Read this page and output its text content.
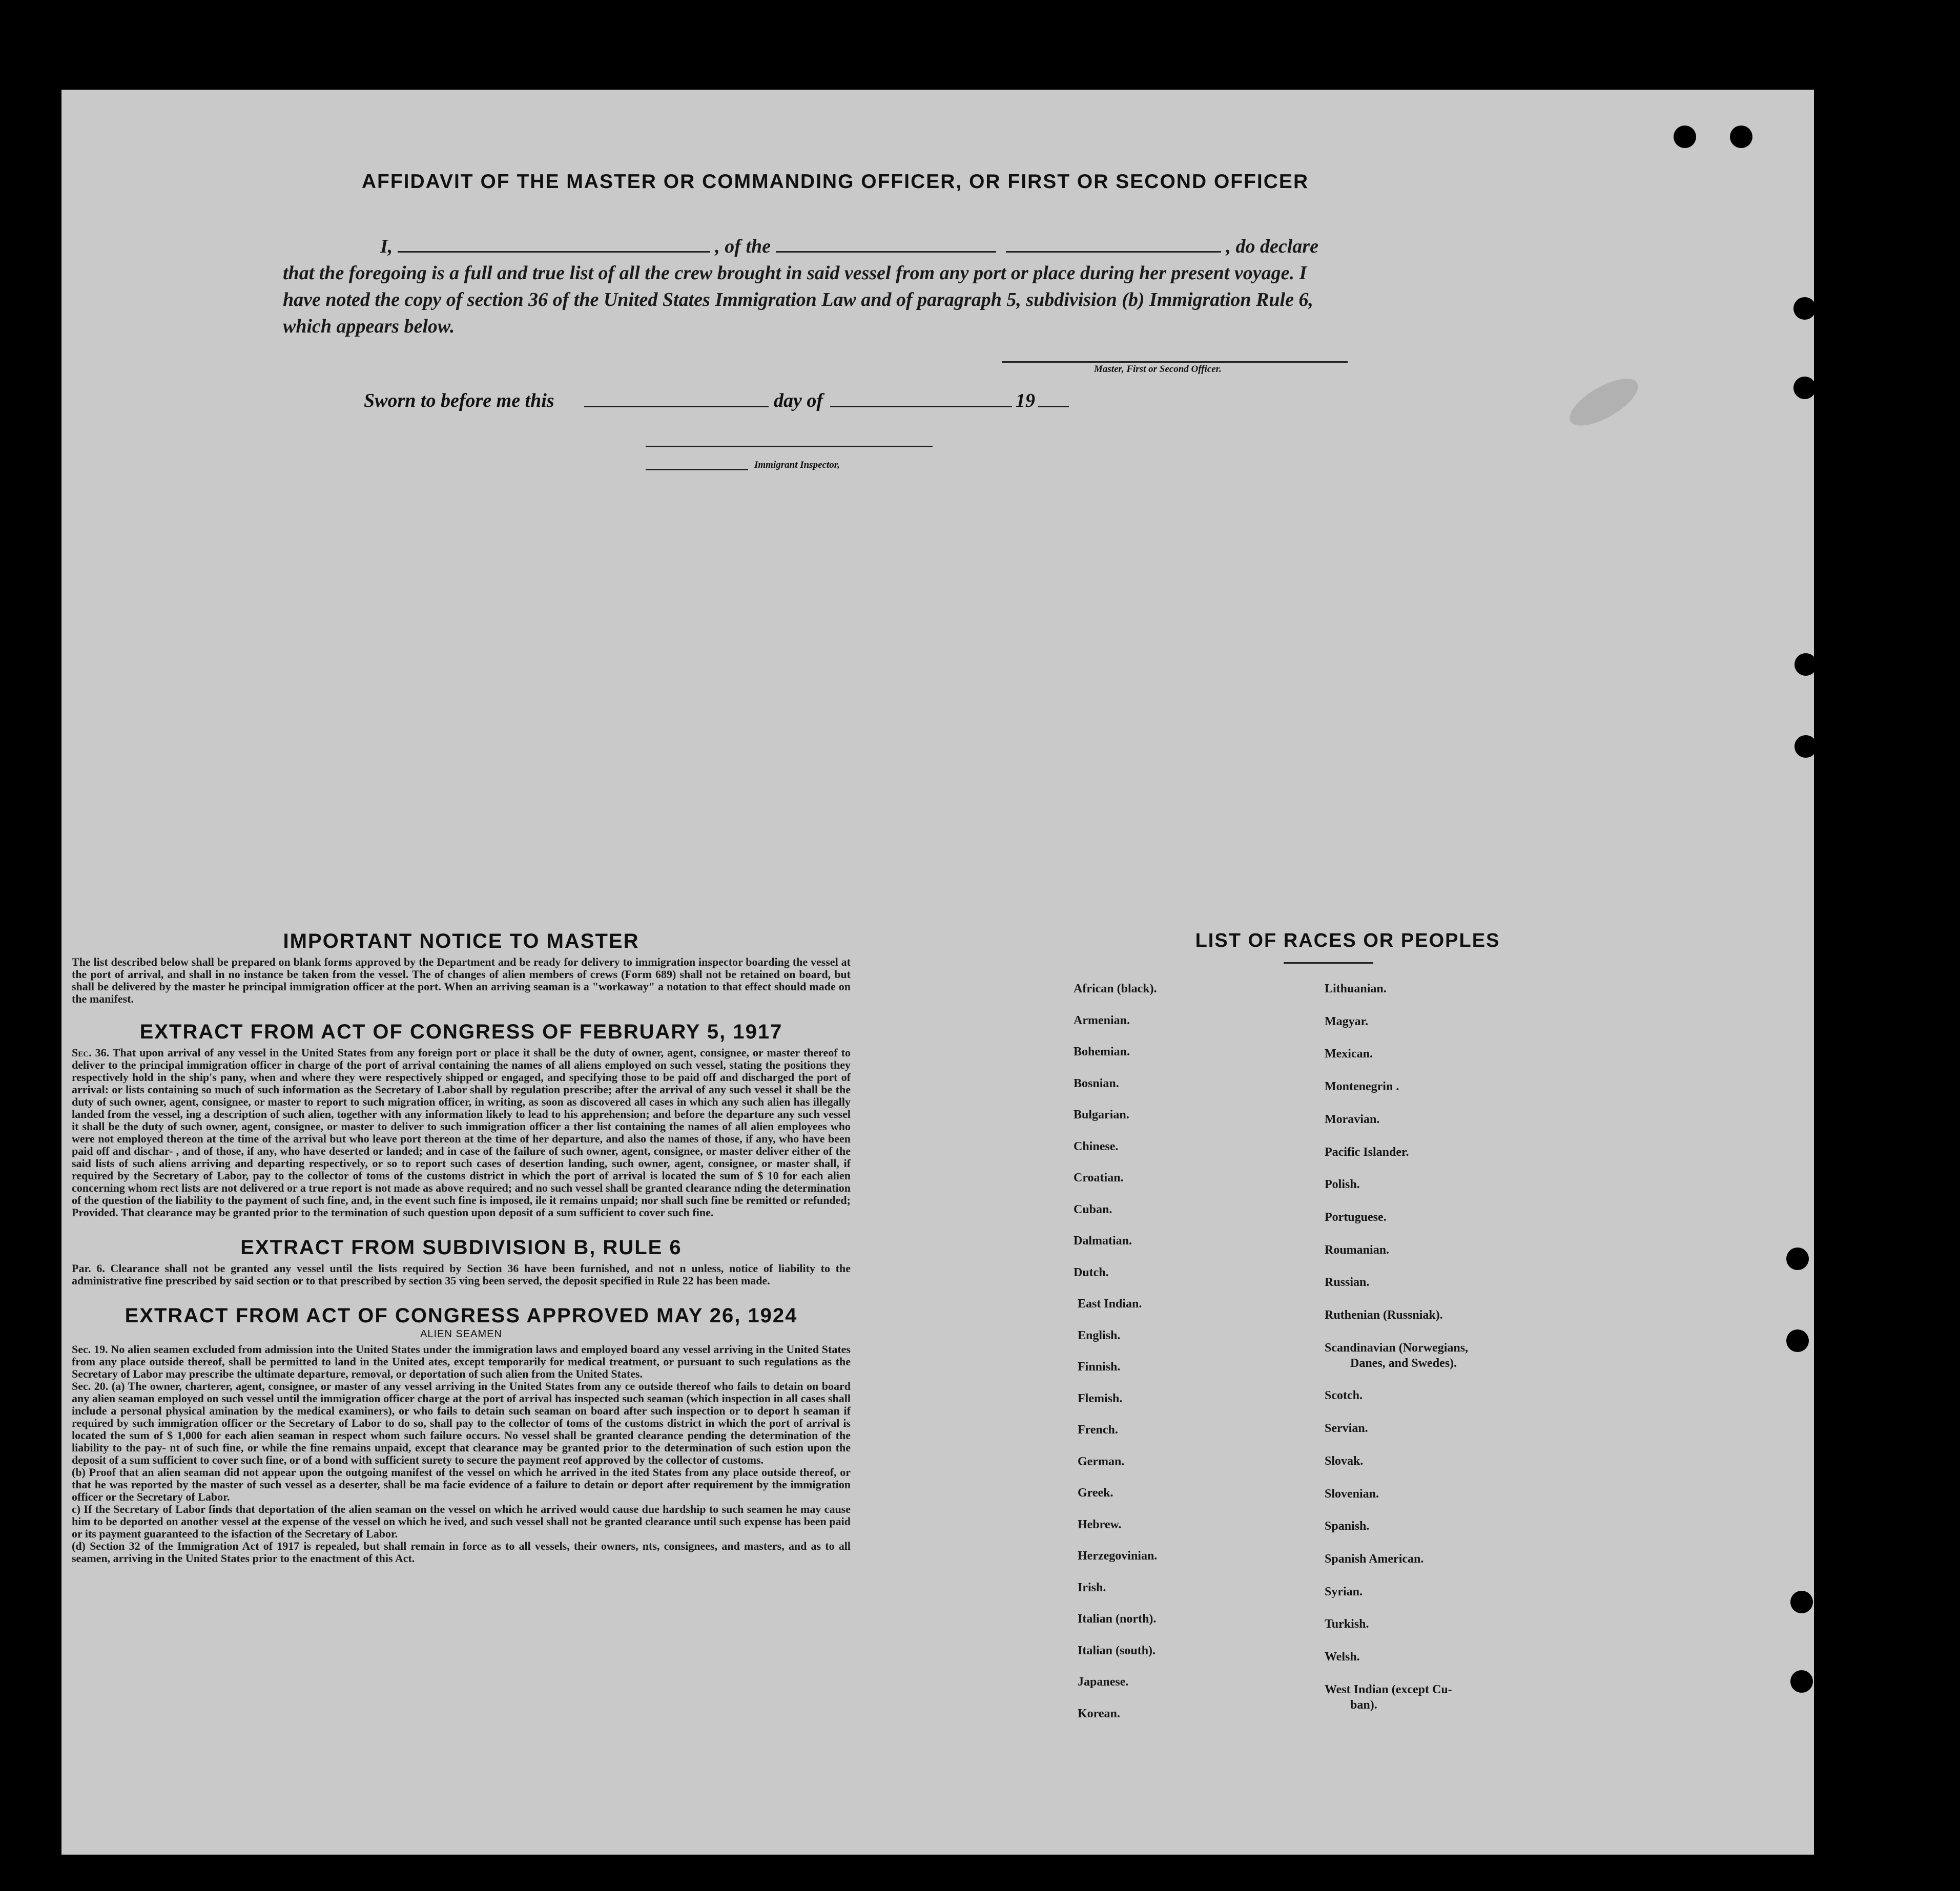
AFFIDAVIT OF THE MASTER OR COMMANDING OFFICER, OR FIRST OR SECOND OFFICER
I,	, of the	, do declare
that the foregoing is a full and true list of all the crew brought in said vessel from any port or place during her present voyage. I have noted the copy of section 36 of the United States Immigration Law and of paragraph 5, subdivision (b) Immigration Rule 6, which appears below.
Master, First or Second Officer.
Sworn to before me this	day of	19
Immigrant Inspector,
IMPORTANT NOTICE TO MASTER

The list described below shall be prepared on blank forms approved by the Department and be ready for delivery to immigration inspector boarding the vessel at the port of arrival, and shall in no instance be taken from the vessel. The of changes of alien members of crews (Form 689) shall not be retained on board, but shall be delivered by the master he principal immigration officer at the port. When an arriving seaman is a "workaway" a notation to that effect should made on the manifest.

EXTRACT FROM ACT OF CONGRESS OF FEBRUARY 5, 1917

Sec. 36. That upon arrival of any vessel in the United States from any foreign port or place it shall be the duty of owner, agent, consignee, or master thereof to deliver to the principal immigration officer in charge of the port of arrival containing the names of all aliens employed on such vessel, stating the positions they respectively hold in the ship's pany, when and where they were respectively shipped or engaged, and specifying those to be paid off and discharged the port of arrival: or lists containing so much of such information as the Secretary of Labor shall by regulation prescribe; after the arrival of any such vessel it shall be the duty of such owner, agent, consignee, or master to report to such migration officer, in writing, as soon as discovered all cases in which any such alien has illegally landed from the vessel, ing a description of such alien, together with any information likely to lead to his apprehension; and before the departure any such vessel it shall be the duty of such owner, agent, consignee, or master to deliver to such immigration officer a ther list containing the names of all alien employees who were not employed thereon at the time of the arrival but who leave port thereon at the time of her departure, and also the names of those, if any, who have been paid off and dischar- , and of those, if any, who have deserted or landed; and in case of the failure of such owner, agent, consignee, or master deliver either of the said lists of such aliens arriving and departing respectively, or so to report such cases of desertion landing, such owner, agent, consignee, or master shall, if required by the Secretary of Labor, pay to the collector of toms of the customs district in which the port of arrival is located the sum of $ 10 for each alien concerning whom rect lists are not delivered or a true report is not made as above required; and no such vessel shall be granted clearance nding the determination of the question of the liability to the payment of such fine, and, in the event such fine is imposed, ile it remains unpaid; nor shall such fine be remitted or refunded; Provided. That clearance may be granted prior to the termination of such question upon deposit of a sum sufficient to cover such fine.

EXTRACT FROM SUBDIVISION B, RULE 6

Par. 6. Clearance shall not be granted any vessel until the lists required by Section 36 have been furnished, and not n unless, notice of liability to the administrative fine prescribed by said section or to that prescribed by section 35 ving been served, the deposit specified in Rule 22 has been made.

EXTRACT FROM ACT OF CONGRESS APPROVED MAY 26, 1924
ALIEN SEAMEN

Sec. 19. No alien seamen excluded from admission into the United States under the immigration laws and employed board any vessel arriving in the United States from any place outside thereof, shall be permitted to land in the United ates, except temporarily for medical treatment, or pursuant to such regulations as the Secretary of Labor may prescribe the ultimate departure, removal, or deportation of such alien from the United States.

Sec. 20. (a) The owner, charterer, agent, consignee, or master of any vessel arriving in the United States from any ce outside thereof who fails to detain on board any alien seaman employed on such vessel until the immigration officer charge at the port of arrival has inspected such seaman (which inspection in all cases shall include a personal physical amination by the medical examiners), or who fails to detain such seaman on board after such inspection or to deport h seaman if required by such immigration officer or the Secretary of Labor to do so, shall pay to the collector of toms of the customs district in which the port of arrival is located the sum of $ 1,000 for each alien seaman in respect whom such failure occurs. No vessel shall be granted clearance pending the determination of the liability to the pay- nt of such fine, or while the fine remains unpaid, except that clearance may be granted prior to the determination of such estion upon the deposit of a sum sufficient to cover such fine, or of a bond with sufficient surety to secure the payment reof approved by the collector of customs.

(b) Proof that an alien seaman did not appear upon the outgoing manifest of the vessel on which he arrived in the ited States from any place outside thereof, or that he was reported by the master of such vessel as a deserter, shall be ma facie evidence of a failure to detain or deport after requirement by the immigration officer or the Secretary of Labor.

c) If the Secretary of Labor finds that deportation of the alien seaman on the vessel on which he arrived would cause due hardship to such seamen he may cause him to be deported on another vessel at the expense of the vessel on which he ived, and such vessel shall not be granted clearance until such expense has been paid or its payment guaranteed to the isfaction of the Secretary of Labor.

(d) Section 32 of the Immigration Act of 1917 is repealed, but shall remain in force as to all vessels, their owners, nts, consignees, and masters, and as to all seamen, arriving in the United States prior to the enactment of this Act.

LIST OF RACES OR PEOPLES
African (black).
Armenian.
Bohemian.
Bosnian.
Bulgarian.
Chinese.
Croatian.
Cuban.
Dalmatian.
Dutch.
East Indian.
English.
Finnish.
Flemish.
French.
German.
Greek.
Hebrew.
Herzegovinian.
Irish.
Italian (north).
Italian (south).
Japanese.
Korean.
Lithuanian.
Magyar.
Mexican.
Montenegrin .
Moravian.
Pacific Islander.
Polish.
Portuguese.
Roumanian.
Russian.
Ruthenian (Russniak).
Scandinavian (Norwegians,
Danes, and Swedes).
Scotch.
Servian.
Slovak.
Slovenian.
Spanish.
Spanish American.
Syrian.
Turkish.
Welsh.
West Indian (except Cu-
ban).
